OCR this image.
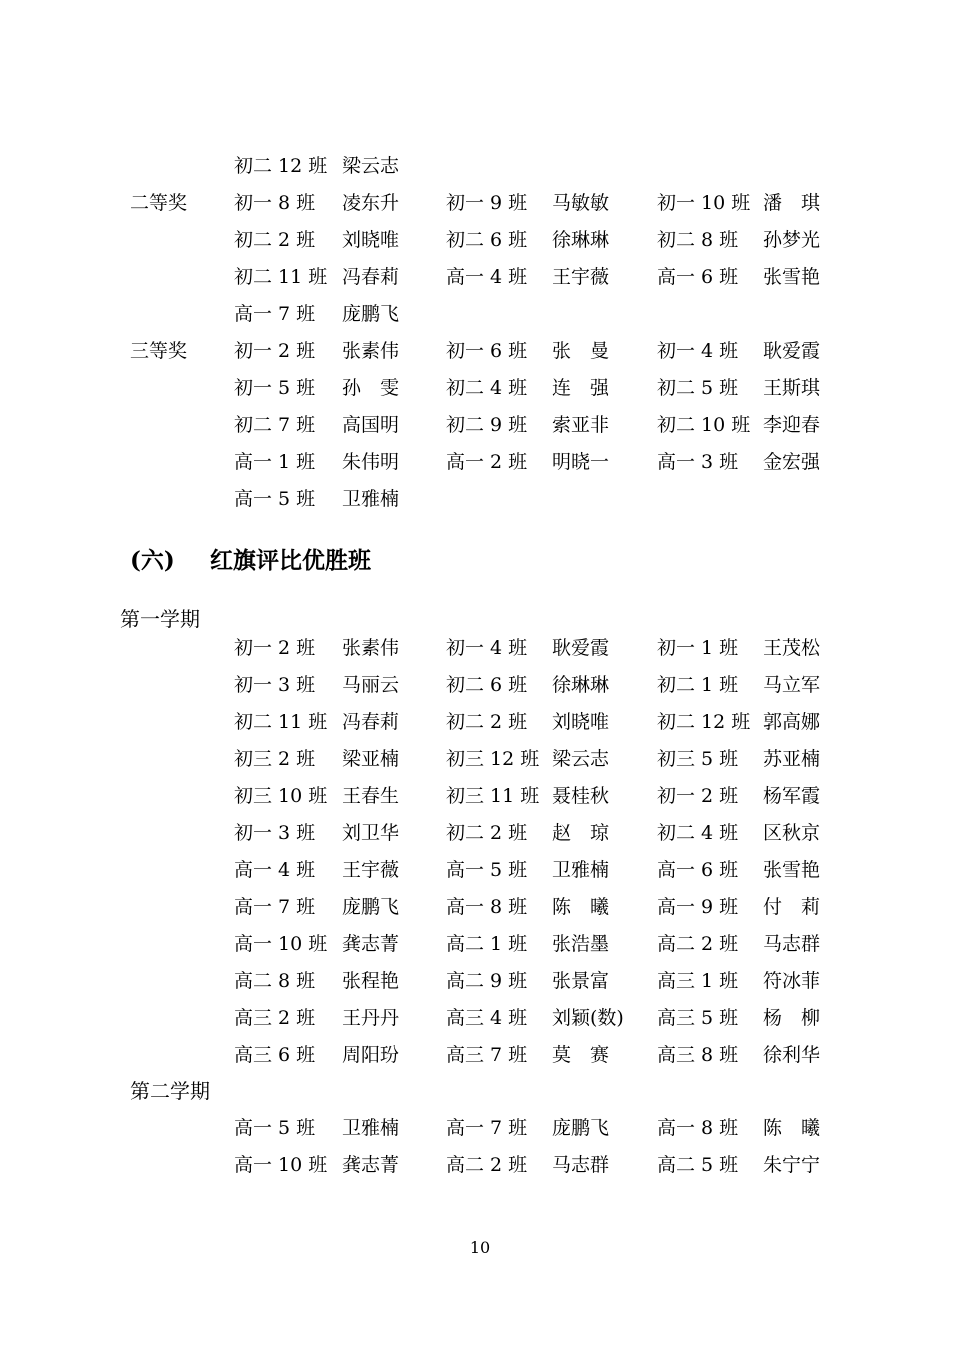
初二 12 班 梁云志
二等奖 初一 8 班 凌东升 初一 9 班 马敏敏	初一 10 班 潘　琪
初二 2 班 刘晓唯 初二 6 班 徐琳琳	初二 8 班 孙梦光
初二 11 班 冯春莉 高一 4 班 王宇薇	高一 6 班 张雪艳
高一 7 班 庞鹏飞
三等奖 初一 2 班 张素伟 初一 6 班 张　曼	初一 4 班 耿爱霞
初一 5 班 孙　雯 初二 4 班 连　强	初二 5 班 王斯琪
初二 7 班 高国明 初二 9 班 索亚非	初二 10 班 李迎春
高一 1 班 朱伟明 高一 2 班 明晓一	高一 3 班 金宏强
高一 5 班 卫雅楠
(六) 红旗评比优胜班
第一学期
初一 2 班 张素伟 初一 4 班 耿爱霞	初一 1 班 王茂松
初一 3 班 马丽云 初二 6 班 徐琳琳	初二 1 班 马立军
初二 11 班 冯春莉 初二 2 班 刘晓唯	初二 12 班 郭高娜
初三 2 班 梁亚楠 初三 12 班 梁云志	初三 5 班 苏亚楠
初三 10 班 王春生 初三 11 班 聂桂秋	初一 2 班 杨军霞
初一 3 班 刘卫华 初二 2 班 赵　琼	初二 4 班 区秋京
高一 4 班 王宇薇 高一 5 班 卫雅楠	高一 6 班 张雪艳
高一 7 班 庞鹏飞 高一 8 班 陈　曦	高一 9 班 付　莉
高一 10 班 龚志菁 高二 1 班 张浩墨	高二 2 班 马志群
高二 8 班 张程艳 高二 9 班 张景富	高三 1 班 符冰菲
高三 2 班 王丹丹 高三 4 班 刘颖(数) 高三 5 班 杨　柳
高三 6 班 周阳玢 高三 7 班 莫　赛	高三 8 班 徐利华
第二学期
高一 5 班 卫雅楠 高一 7 班 庞鹏飞	高一 8 班 陈　曦
高一 10 班 龚志菁 高二 2 班 马志群	高二 5 班 朱宁宁
10
